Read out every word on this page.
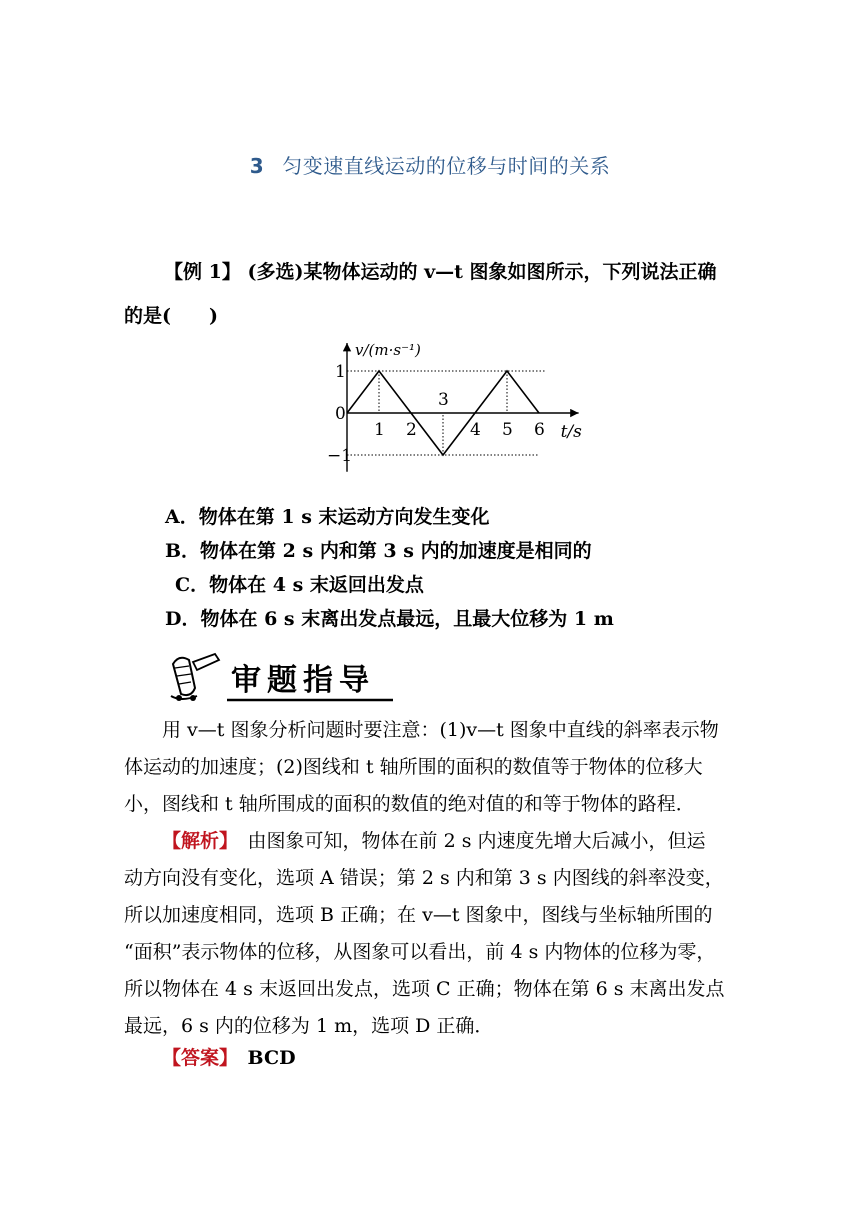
3 匀变速直线运动的位移与时间的关系
【例 1】 (多选)某物体运动的 v—t 图象如图所示，下列说法正确
的是(　　)
1 2
3
4 5 6
1
0
−1
v/(m·s⁻¹)
t/s
A．物体在第 1 s 末运动方向发生变化
B．物体在第 2 s 内和第 3 s 内的加速度是相同的
C．物体在 4 s 末返回出发点
D．物体在 6 s 末离出发点最远，且最大位移为 1 m
审题指导
用 v—t 图象分析问题时要注意：(1)v—t 图象中直线的斜率表示物
体运动的加速度；(2)图线和 t 轴所围的面积的数值等于物体的位移大
小，图线和 t 轴所围成的面积的数值的绝对值的和等于物体的路程．
【解析】　 由图象可知，物体在前 2 s 内速度先增大后减小，但运
动方向没有变化，选项 A 错误；第 2 s 内和第 3 s 内图线的斜率没变，
所以加速度相同，选项 B 正确；在 v—t 图象中，图线与坐标轴所围的
“面积”表示物体的位移，从图象可以看出，前 4 s 内物体的位移为零，
所以物体在 4 s 末返回出发点，选项 C 正确；物体在第 6 s 末离出发点
最远，6 s 内的位移为 1 m，选项 D 正确．
【答案】　 BCD
